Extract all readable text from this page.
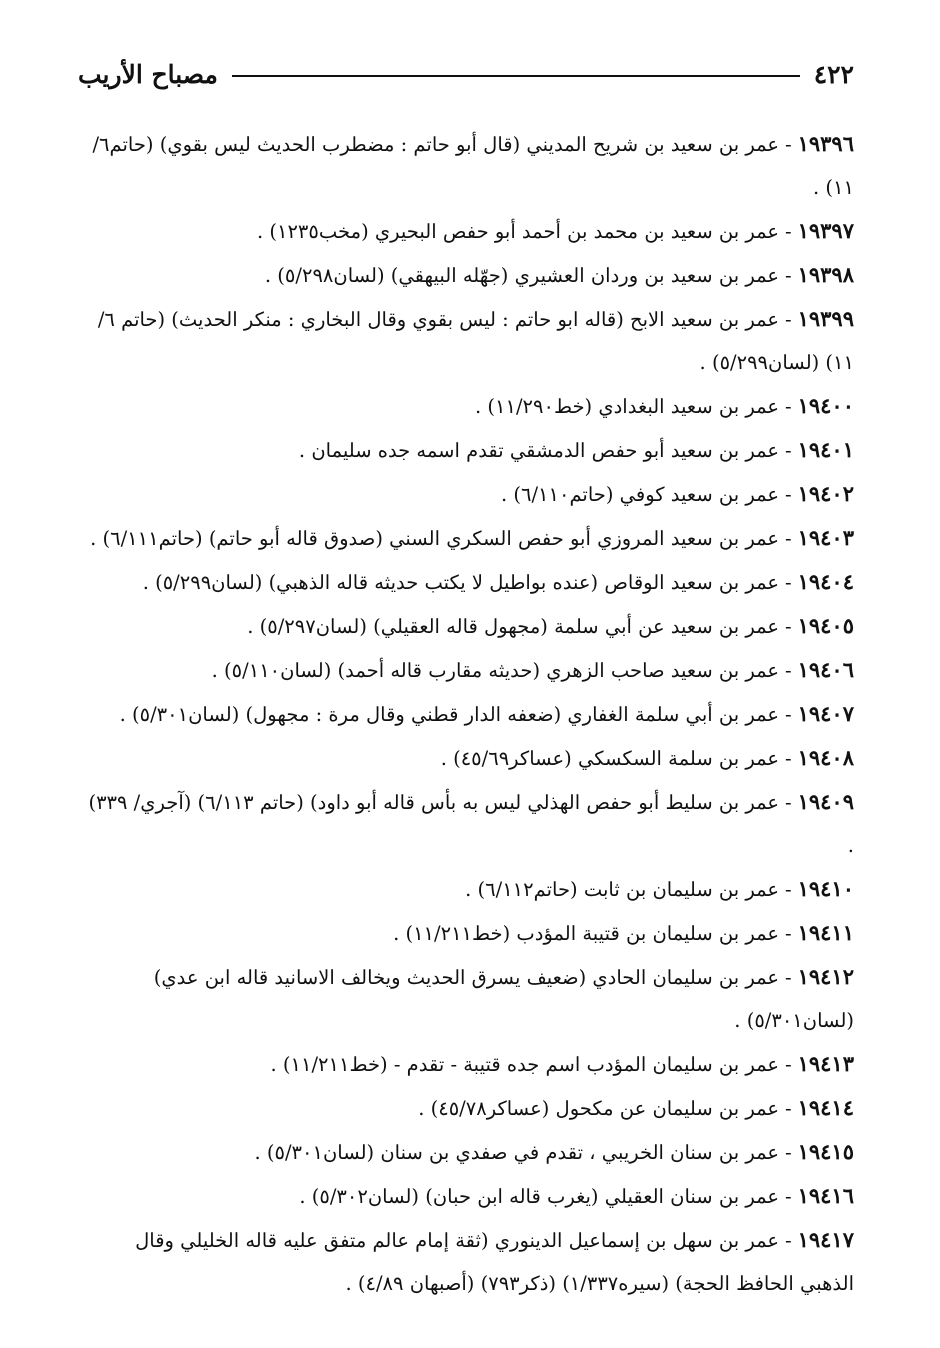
٤٢٢
مصباح الأريب
١٩٣٩٦-عمر بن سعيد بن شريح المديني (قال أبو حاتم : مضطرب الحديث ليس بقوي) (حاتم٦/ ١١) .
١٩٣٩٧-عمر بن سعيد بن محمد بن أحمد أبو حفص البحيري (مخب١٢٣٥) .
١٩٣٩٨-عمر بن سعيد بن وردان العشيري (جهّله البيهقي) (لسان٥/٢٩٨) .
١٩٣٩٩-عمر بن سعيد الابح (قاله ابو حاتم : ليس بقوي وقال البخاري : منكر الحديث) (حاتم ٦/ ١١) (لسان٥/٢٩٩) .
١٩٤٠٠-عمر بن سعيد البغدادي (خط١١/٢٩٠) .
١٩٤٠١-عمر بن سعيد أبو حفص الدمشقي تقدم اسمه جده سليمان .
١٩٤٠٢-عمر بن سعيد كوفي (حاتم٦/١١٠) .
١٩٤٠٣-عمر بن سعيد المروزي أبو حفص السكري السني (صدوق قاله أبو حاتم) (حاتم٦/١١١) .
١٩٤٠٤-عمر بن سعيد الوقاص (عنده بواطيل لا يكتب حديثه قاله الذهبي) (لسان٥/٢٩٩) .
١٩٤٠٥-عمر بن سعيد عن أبي سلمة (مجهول قاله العقيلي) (لسان٥/٢٩٧) .
١٩٤٠٦-عمر بن سعيد صاحب الزهري (حديثه مقارب قاله أحمد) (لسان٥/١١٠) .
١٩٤٠٧-عمر بن أبي سلمة الغفاري (ضعفه الدار قطني وقال مرة : مجهول) (لسان٥/٣٠١) .
١٩٤٠٨-عمر بن سلمة السكسكي (عساكر٤٥/٦٩) .
١٩٤٠٩-عمر بن سليط أبو حفص الهذلي ليس به بأس قاله أبو داود) (حاتم ٦/١١٣) (آجري/ ٣٣٩) .
١٩٤١٠-عمر بن سليمان بن ثابت (حاتم٦/١١٢) .
١٩٤١١-عمر بن سليمان بن قتيبة المؤدب (خط١١/٢١١) .
١٩٤١٢-عمر بن سليمان الحادي (ضعيف يسرق الحديث ويخالف الاسانيد قاله ابن عدي) (لسان٥/٣٠١) .
١٩٤١٣-عمر بن سليمان المؤدب اسم جده قتيبة - تقدم - (خط١١/٢١١) .
١٩٤١٤-عمر بن سليمان عن مكحول (عساكر٤٥/٧٨) .
١٩٤١٥-عمر بن سنان الخريبي ، تقدم في صفدي بن سنان (لسان٥/٣٠١) .
١٩٤١٦-عمر بن سنان العقيلي (يغرب قاله ابن حبان) (لسان٥/٣٠٢) .
١٩٤١٧-عمر بن سهل بن إسماعيل الدينوري (ثقة إمام عالم متفق عليه قاله الخليلي وقال الذهبي الحافظ الحجة) (سيره١/٣٣٧) (ذكر٧٩٣) (أصبهان ٤/٨٩) .
